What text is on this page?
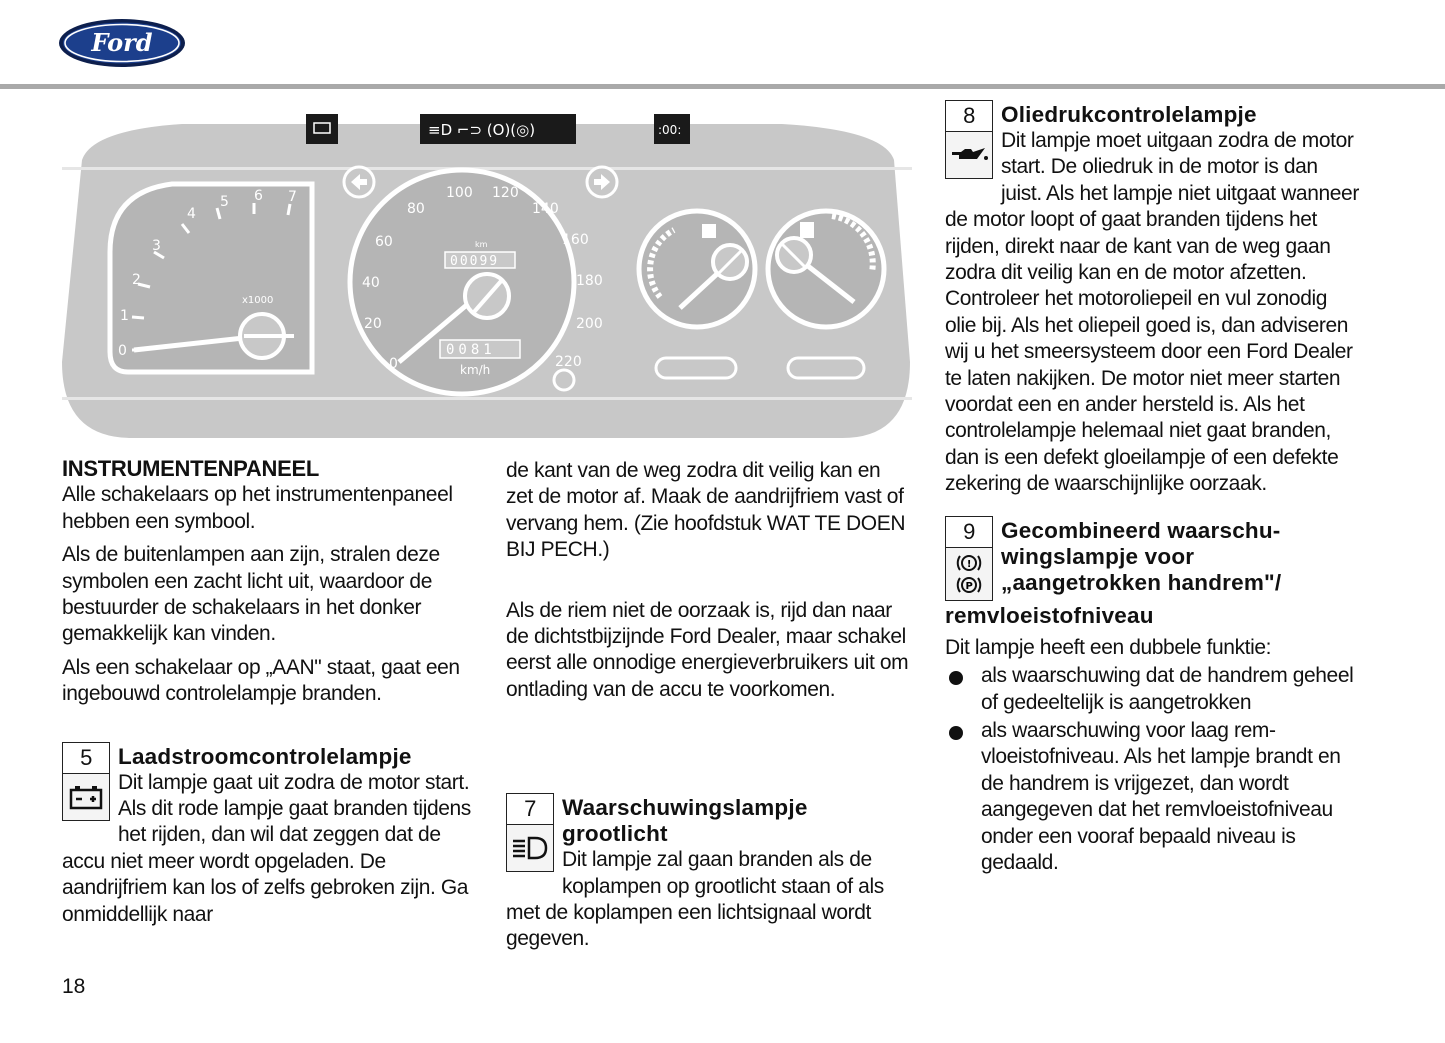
Ford
≡D ⌐⊃ (O)(◎)	:00:
0
1
2
3
4
5 6 7
x1000
0
20
40
60
80
100 120
140
160
180
200
220
km
km/h
00099
0081

INSTRUMENTENPANEEL

Alle schakelaars op het instrumentenpaneel hebben een symbool.

Als de buitenlampen aan zijn, stralen deze symbolen een zacht licht uit, waardoor de bestuurder de schakelaars in het donker gemakkelijk kan vinden.

Als een schakelaar op „AAN" staat, gaat een ingebouwd controlelampje branden.

5	Laadstroomcontrolelampje

Dit lampje gaat uit zodra de motor start. Als dit rode lampje gaat branden tijdens het rijden, dan wil dat zeggen dat de accu niet meer wordt opgeladen. De aandrijfriem kan los of zelfs gebroken zijn. Ga onmiddellijk naar

de kant van de weg zodra dit veilig kan en zet de motor af. Maak de aandrijfriem vast of vervang hem. (Zie hoofdstuk WAT TE DOEN BIJ PECH.)

Als de riem niet de oorzaak is, rijd dan naar de dichtstbijzijnde Ford Dealer, maar schakel eerst alle onnodige energieverbruikers uit om ontlading van de accu te voorkomen.

7	Waarschuwingslampje grootlicht

Dit lampje zal gaan branden als de koplampen op grootlicht staan of als met de koplampen een lichtsignaal wordt gegeven.

8	Oliedrukcontrolelampje

Dit lampje moet uitgaan zodra de motor start. De oliedruk in de motor is dan juist. Als het lampje niet uitgaat wanneer de motor loopt of gaat branden tijdens het rijden, direkt naar de kant van de weg gaan zodra dit veilig kan en de motor afzetten. Controleer het motoroliepeil en vul zonodig olie bij. Als het oliepeil goed is, dan adviseren wij u het smeersysteem door een Ford Dealer te laten nakijken. De motor niet meer starten voordat een en ander hersteld is. Als het controlelampje helemaal niet gaat branden, dan is een defekt gloeilampje of een defekte zekering de waarschijnlijke oorzaak.

9
!
P

Gecombineerd waarschuwingslampje voor

„aangetrokken handrem"/

remvloeistofniveau

Dit lampje heeft een dubbele funktie:

als waarschuwing dat de handrem geheel of gedeeltelijk is aangetrokken
als waarschuwing voor laag remvloeistofniveau. Als het lampje brandt en de handrem is vrijgezet, dan wordt aangegeven dat het remvloeistofniveau onder een vooraf bepaald niveau is gedaald.
18
